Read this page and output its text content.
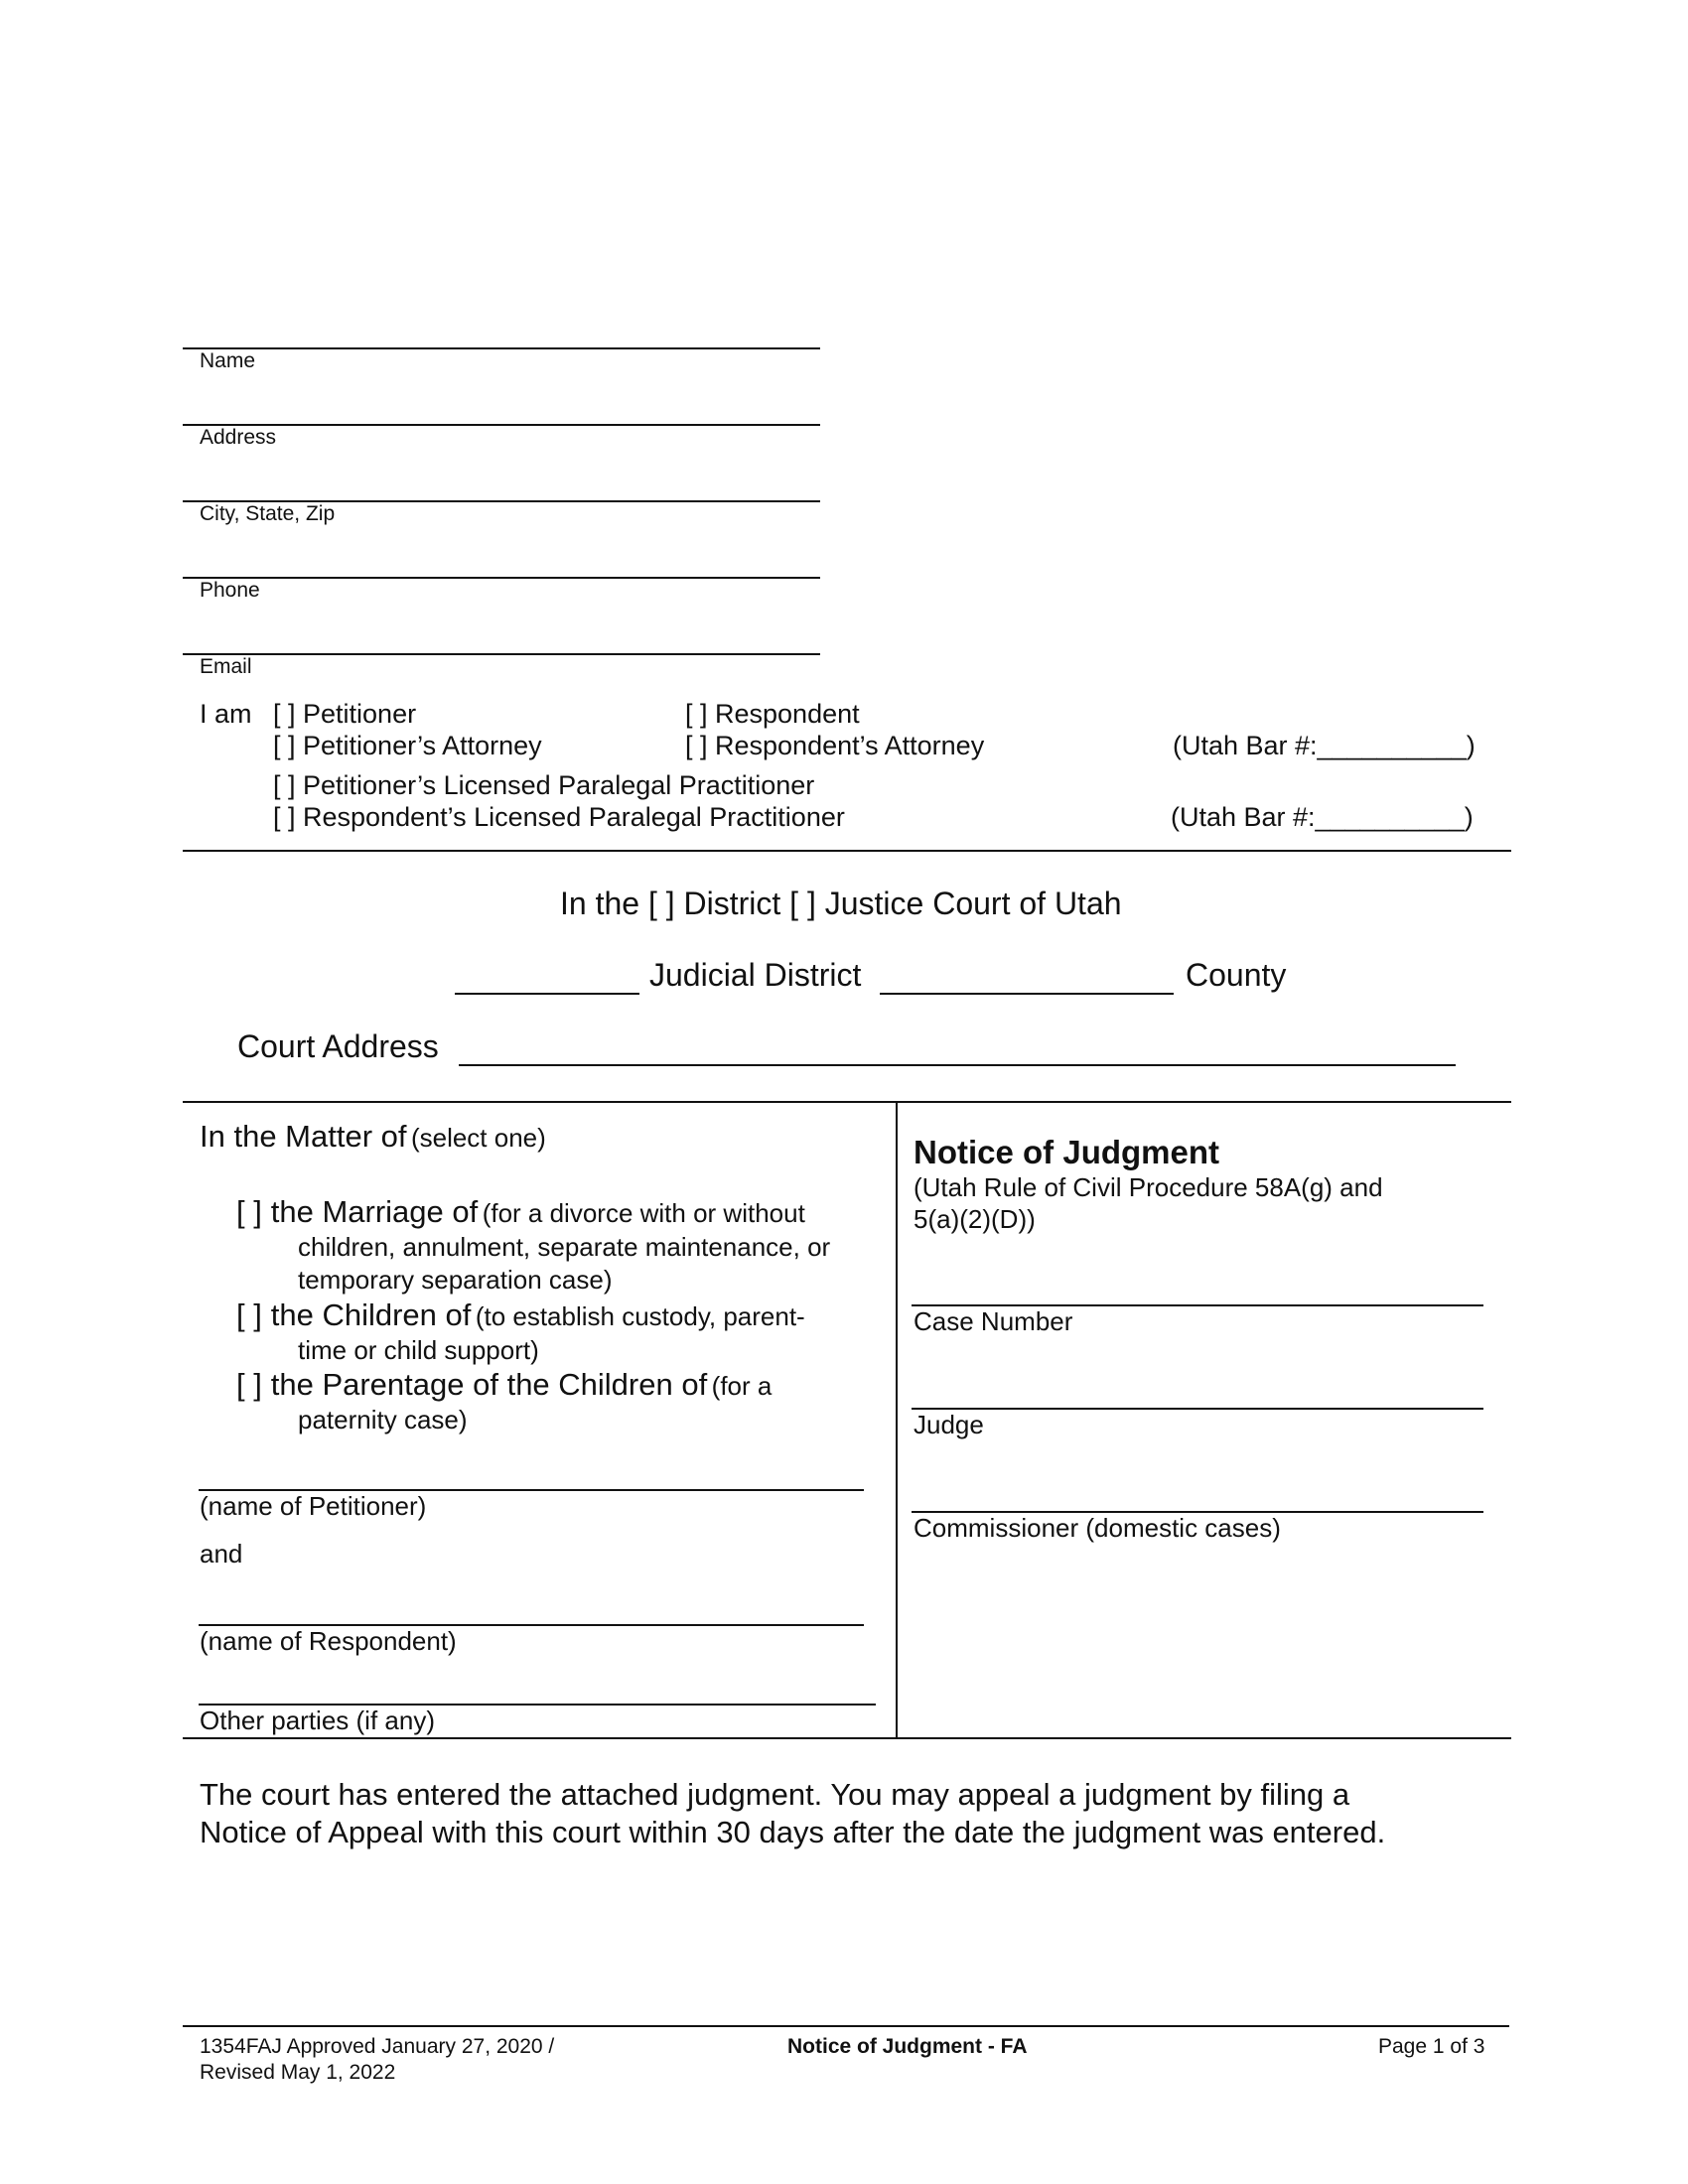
Name
Address
City, State, Zip
Phone
Email
I am [ ] Petitioner	[ ] Respondent
[ ] Petitioner’s Attorney	[ ] Respondent’s Attorney	(Utah Bar #:__________)
[ ] Petitioner’s Licensed Paralegal Practitioner
[ ] Respondent’s Licensed Paralegal Practitioner	(Utah Bar #:__________)
In the [ ] District [ ] Justice Court of Utah
Judicial District	County
Court Address
In the Matter of (select one)
[ ] the Marriage of (for a divorce with or without
children, annulment, separate maintenance, or temporary separation case)
[ ] the Children of (to establish custody, parent-
time or child support)
[ ] the Parentage of the Children of (for a
paternity case)
(name of Petitioner)
and
(name of Respondent)
Other parties (if any)
Notice of Judgment
(Utah Rule of Civil Procedure 58A(g) and
5(a)(2)(D))
Case Number
Judge
Commissioner (domestic cases)
The court has entered the attached judgment. You may appeal a judgment by filing a
Notice of Appeal with this court within 30 days after the date the judgment was entered.
1354FAJ Approved January 27, 2020 /
Revised May 1, 2022
Notice of Judgment - FA	Page 1 of 3
